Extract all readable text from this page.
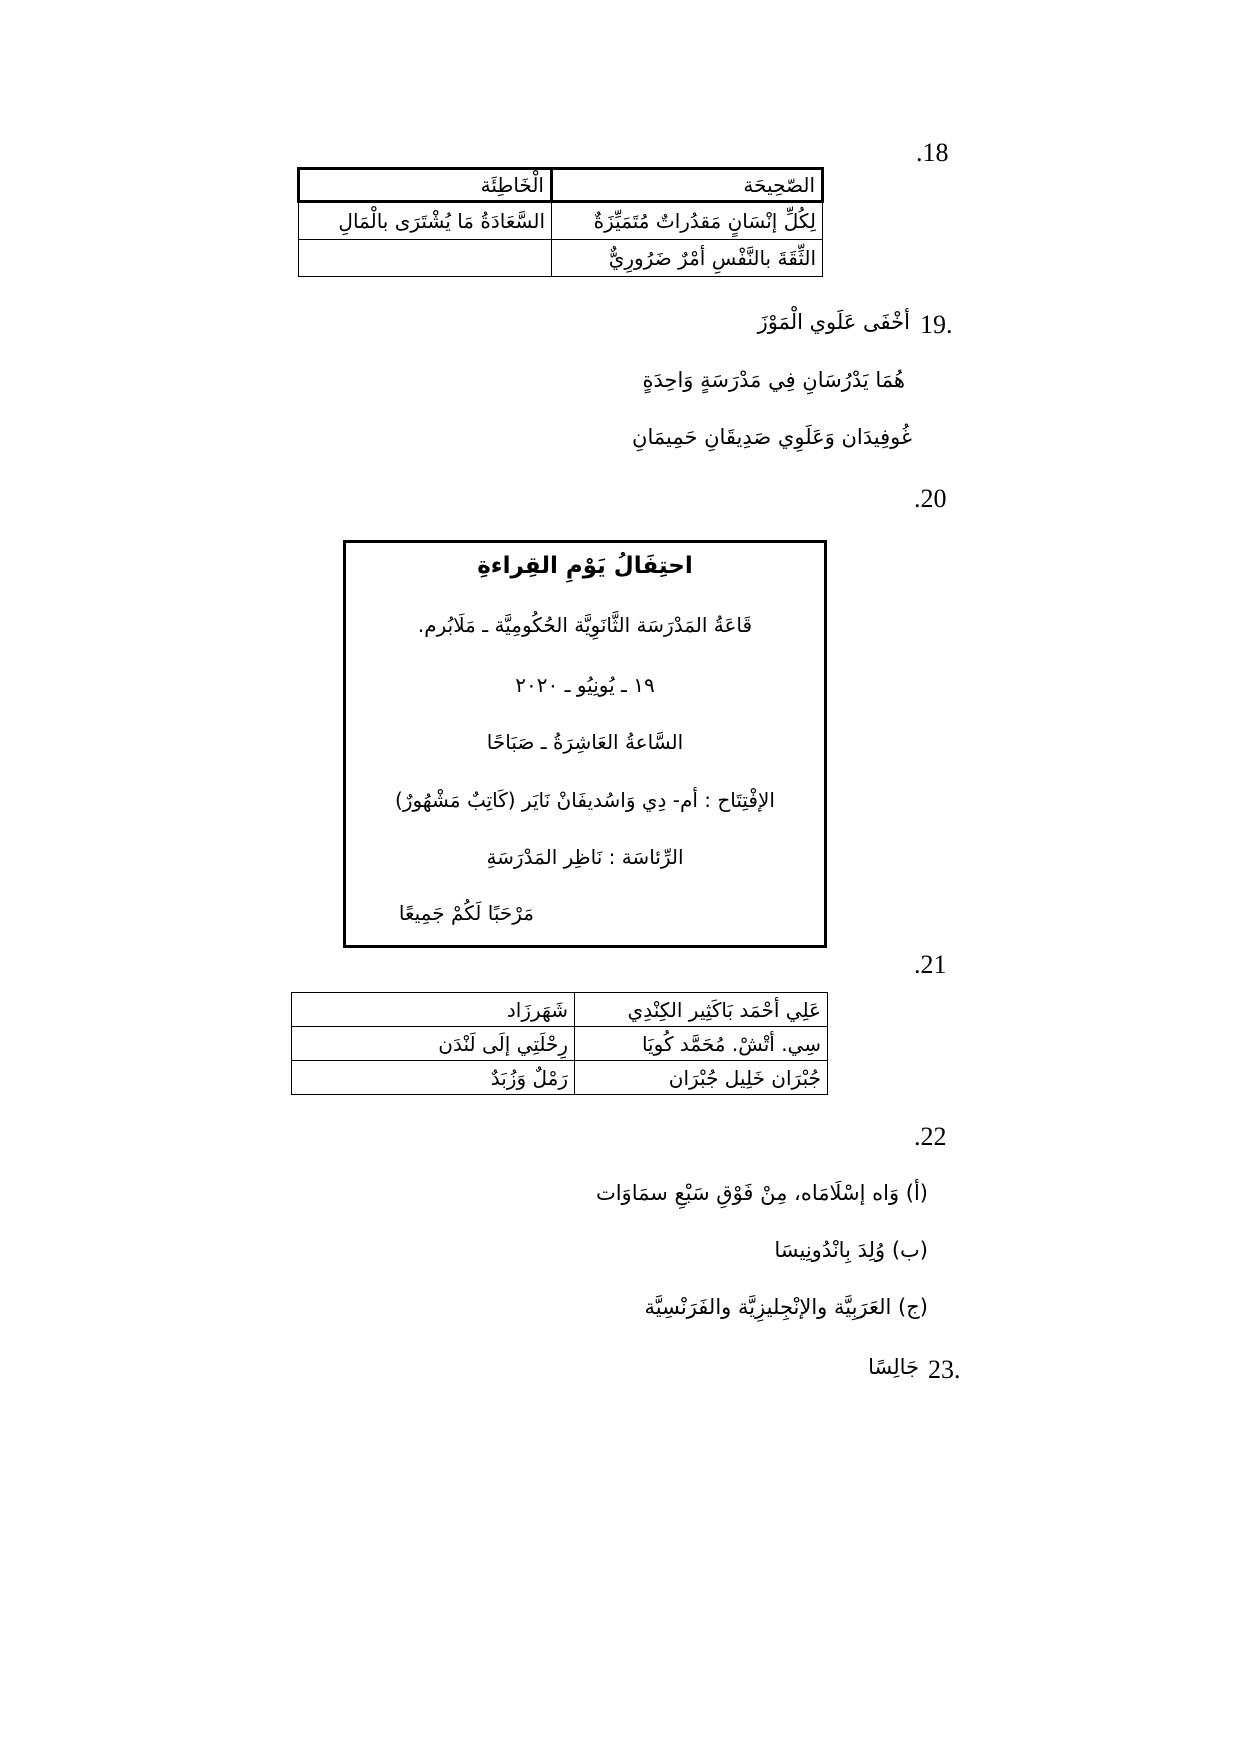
.18
الصّحِيحَة	الْخَاطِئَة
لِكُلِّ إنْسَانٍ مَقدُراتٌ مُتَمَيِّزَةٌ	السَّعَادَةُ مَا يُشْتَرَى بالْمَالِ
الثِّقَةَ بالنَّفْسِ أمْرٌ ضَرُورِيٌّ	
19.
أخْفَى عَلَوي الْمَوْزَ
هُمَا يَدْرُسَانِ فِي مَدْرَسَةٍ وَاحِدَةٍ
غُوفِيدَان وَعَلَوِي صَدِيقَانِ حَمِيمَانِ
.20
احتِفَالُ يَوْمِ القِراءةِ
قَاعَةُ المَدْرَسَة الثَّانَوِيَّة الحُكُومِيَّة ـ مَلَابُرم.
١٩ ـ يُونِيُو ـ ٢٠٢٠
السَّاعةُ العَاشِرَةُ ـ صَبَاحًا
الإفْتِتَاح : أم- دِي وَاسُديفَانْ نَايَر (كَاتِبٌ مَشْهُورٌ)
الرِّئاسَة : نَاظِر المَدْرَسَةِ
مَرْحَبًا لَكُمْ جَمِيعًا
.21
عَلِي أحْمَد بَاكَثِير الكِنْدِي	شَهَرزَاد
سِي. أتْشْ. مُحَمَّد كُويَا	رِحْلَتِي إلَى لَنْدَن
جُبْرَان خَلِيل جُبْرَان	رَمْلٌ وَزُبَدٌ
.22
(أ) وَاه إسْلَامَاه، مِنْ فَوْقِ سَبْعِ سمَاوَات
(ب) وُلِدَ بِانْدُونِيسَا
(ج) العَرَبِيَّة والإنْجِليزِيَّة والفَرَنْسِيَّة
23.
جَالِسًا
